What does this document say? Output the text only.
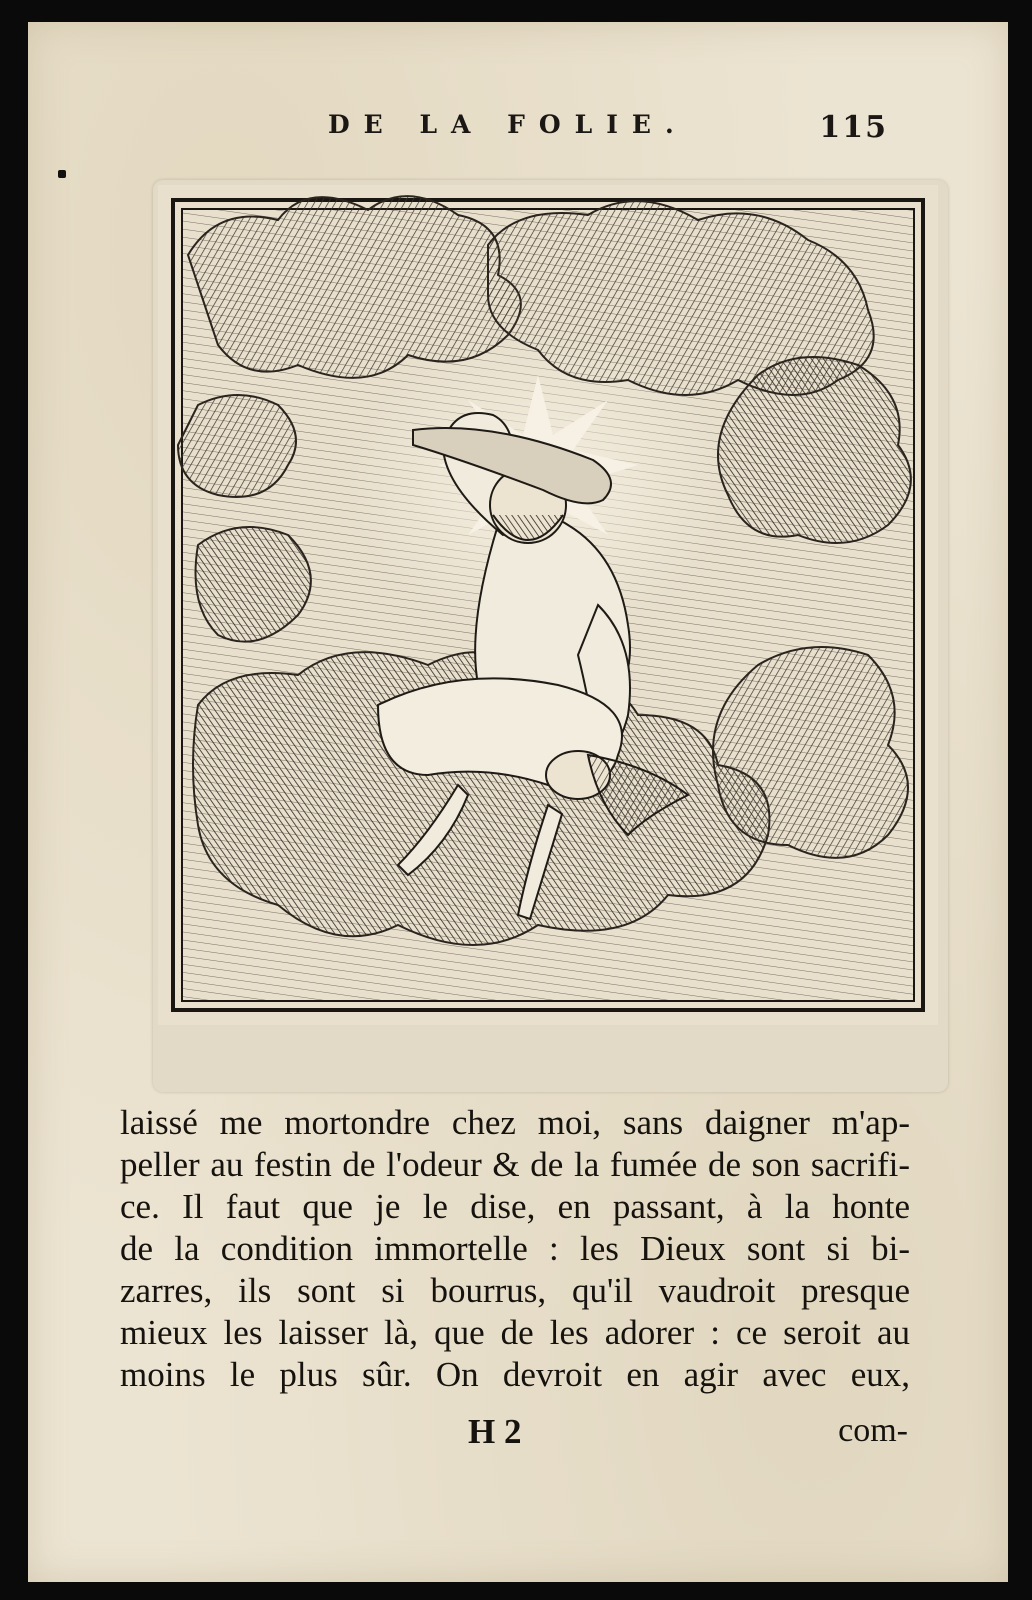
DE LA FOLIE.	115
laissé me mortondre chez moi, sans daigner m'ap-
peller au festin de l'odeur & de la fumée de son sacrifi-
ce. Il faut que je le dise, en passant, à la honte
de la condition immortelle : les Dieux sont si bi-
zarres, ils sont si bourrus, qu'il vaudroit presque
mieux les laisser là, que de les adorer : ce seroit au
moins le plus sûr. On devroit en agir avec eux,
H 2	com-
